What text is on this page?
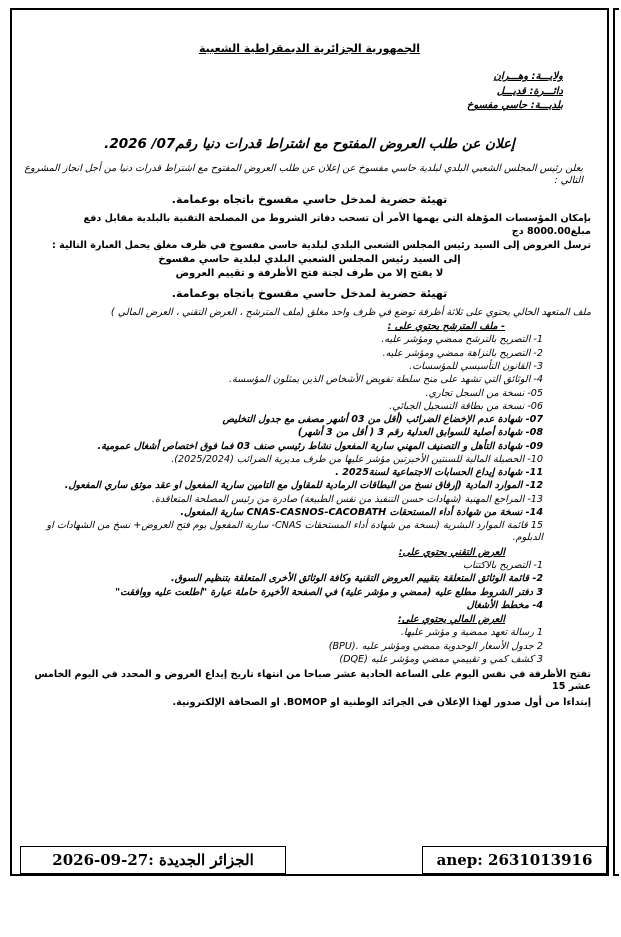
الجمهورية الجزائرية الديمقراطية الشعبية
ولايـــة: وهـــران
دائـــرة: قديـــل
بلديـــة: حاسي مفسوخ
إعلان عن طلب العروض المفتوح مع اشتراط قدرات دنيا رقم07/ 2026.
يعلن رئيس المجلس الشعبي البلدي لبلدية حاسي مفسوخ عن إعلان عن طلب العروض المفتوح مع اشتراط قدرات دنيا من أجل انجاز المشروع التالي :
تهيئة حضرية لمدخل حاسي مفسوخ باتجاه بوعمامة.
بإمكان المؤسسات المؤهلة التي يهمها الأمر أن تسحب دفاتر الشروط من المصلحة التقنية بالبلدية مقابل دفع مبلغ8000.00 دج
ترسل العروض إلى السيد رئيس المجلس الشعبي البلدي لبلدية حاسي مفسوخ في ظرف مغلق يحمل العبارة التالية :
إلى السيد رئيس المجلس الشعبي البلدي لبلدية حاسي مفسوخ
لا يفتح إلا من طرف لجنة فتح الأظرفة و تقييم العروض
تهيئة حضرية لمدخل حاسي مفسوخ باتجاه بوعمامة.
ملف المتعهد الحالي يحتوي على ثلاثة أظرفة توضع في ظرف واحد مغلق (ملف المترشح ، العرض التقني ، العرض المالي )
- ملف المترشح يحتوي على :
1- التصريح بالترشح ممضي ومؤشر عليه.
2- التصريح بالنزاهة ممضي ومؤشر عليه.
3- القانون التأسيسي للمؤسسات.
4- الوثائق التي تشهد على منح سلطة تفويض الأشخاص الذين يمثلون المؤسسة.
05- نسخة من السجل تجاري.
06- نسخة من بطاقة التسجيل الجبائي.
07- شهادة عدم الإخضاع الضرائب (أقل من 03 أشهر مصفى مع جدول التخليص
08- شهادة أصلية للسوابق العدلية رقم 3 ( أقل من 3 أشهر)
09- شهادة التأهل و التصنيف المهني سارية المفعول نشاط رئيسي صنف 03 فما فوق اختصاص أشغال عمومية.
10- الحصيلة المالية للسنتين الأخيرتين مؤشر عليها من طرف مديرية الضرائب (2025/2024).
11- شهادة إيداع الحسابات الاجتماعية لسنة2025 .
12- الموارد المادية (إرفاق نسخ من البطاقات الرمادية للمقاول مع التامين سارية المفعول او عقد موثق ساري المفعول.
13- المراجع المهنية (شهادات حسن التنفيذ من نفس الطبيعة) صادرة من رئيس المصلحة المتعاقدة.
14- نسخة من شهادة أداء المستحقات CNAS-CASNOS-CACOBATH سارية المفعول.
15 قائمة الموارد البشرية (نسخة من شهادة أداء المستحقات CNAS- سارية المفعول يوم فتح العروض+ نسخ من الشهادات او الدبلوم.
العرض التقني يحتوي على:
1- التصريح بالاكتتاب
2- قائمة الوثائق المتعلقة بتقييم العروض التقنية وكافة الوثائق الأخرى المتعلقة بتنظيم السوق.
3 دفتر الشروط مطلع عليه (ممضي و مؤشر علية) في الصفحة الأخيرة حاملة عبارة "اطلعت عليه ووافقت"
4- مخطط الأشغال
العرض المالي يحتوي على:
1 رسالة تعهد ممضية و مؤشر عليها.
2 جدول الأسعار الوحدوية ممضي ومؤشر عليه .(BPU)
3 كشف كمي و تقييمي ممضي ومؤشر عليه (DQE)
تفتح الأظرفة في نفس اليوم على الساعة الحادية عشر صباحا من انتهاء تاريخ إيداع العروض و المحدد في اليوم الخامس عشر 15
إبتداءا من أول صدور لهذا الإعلان في الجرائد الوطنية او BOMOP. او الصحافة الإلكترونية.
الجزائر الجديدة :27-09-2026	anep: 2631013916
